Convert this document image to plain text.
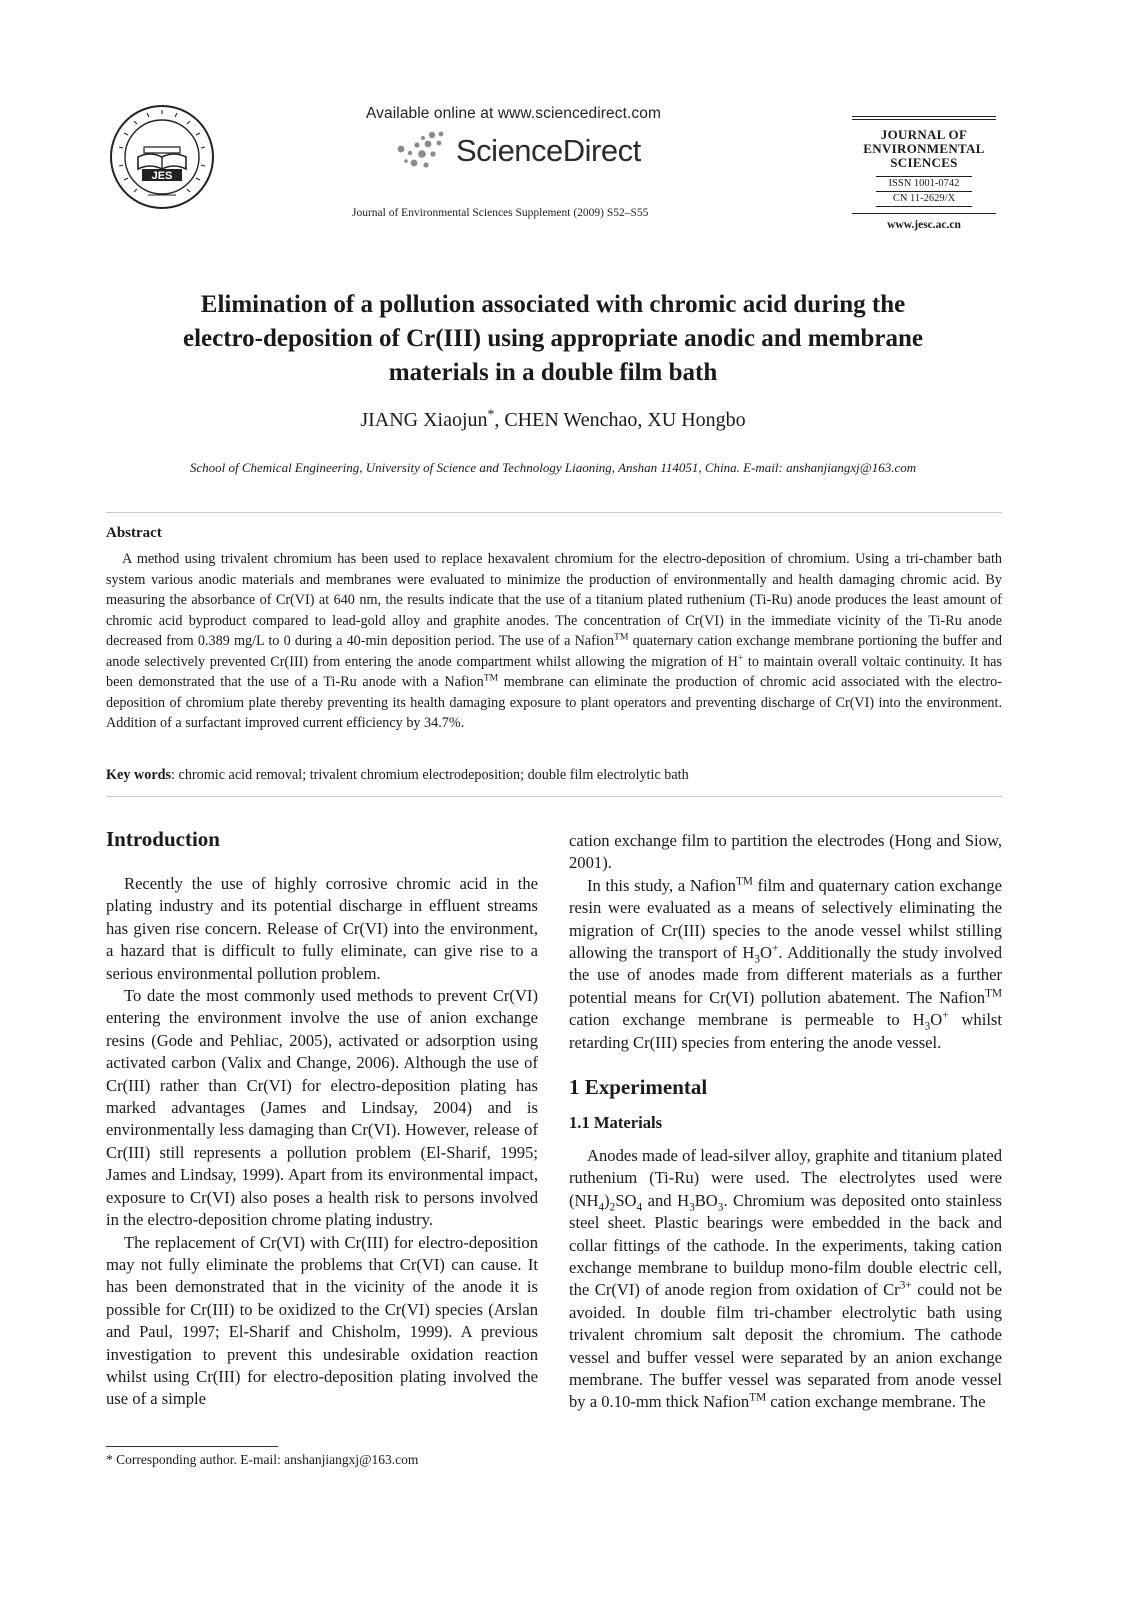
JES
Available online at www.sciencedirect.com
ScienceDirect
Journal of Environmental Sciences Supplement (2009) S52–S55
JOURNAL OF
ENVIRONMENTAL
SCIENCES
ISSN 1001-0742
CN 11-2629/X
www.jesc.ac.cn
Elimination of a pollution associated with chromic acid during the
electro-deposition of Cr(III) using appropriate anodic and membrane
materials in a double film bath
JIANG Xiaojun*, CHEN Wenchao, XU Hongbo
School of Chemical Engineering, University of Science and Technology Liaoning, Anshan 114051, China. E-mail: anshanjiangxj@163.com
Abstract
A method using trivalent chromium has been used to replace hexavalent chromium for the electro-deposition of chromium. Using a tri-chamber bath system various anodic materials and membranes were evaluated to minimize the production of environmentally and health damaging chromic acid. By measuring the absorbance of Cr(VI) at 640 nm, the results indicate that the use of a titanium plated ruthenium (Ti-Ru) anode produces the least amount of chromic acid byproduct compared to lead-gold alloy and graphite anodes. The concentration of Cr(VI) in the immediate vicinity of the Ti-Ru anode decreased from 0.389 mg/L to 0 during a 40-min deposition period. The use of a Nafion™ quaternary cation exchange membrane portioning the buffer and anode selectively prevented Cr(III) from entering the anode compartment whilst allowing the migration of H+ to maintain overall voltaic continuity. It has been demonstrated that the use of a Ti-Ru anode with a Nafion™ membrane can eliminate the production of chromic acid associated with the electro-deposition of chromium plate thereby preventing its health damaging exposure to plant operators and preventing discharge of Cr(VI) into the environment. Addition of a surfactant improved current efficiency by 34.7%.
Key words: chromic acid removal; trivalent chromium electrodeposition; double film electrolytic bath
Introduction

Recently the use of highly corrosive chromic acid in the plating industry and its potential discharge in effluent streams has given rise concern. Release of Cr(VI) into the environment, a hazard that is difficult to fully eliminate, can give rise to a serious environmental pollution problem.

To date the most commonly used methods to prevent Cr(VI) entering the environment involve the use of anion exchange resins (Gode and Pehliac, 2005), activated or adsorption using activated carbon (Valix and Change, 2006). Although the use of Cr(III) rather than Cr(VI) for electro-deposition plating has marked advantages (James and Lindsay, 2004) and is environmentally less damaging than Cr(VI). However, release of Cr(III) still represents a pollution problem (El-Sharif, 1995; James and Lindsay, 1999). Apart from its environmental impact, exposure to Cr(VI) also poses a health risk to persons involved in the electro-deposition chrome plating industry.

The replacement of Cr(VI) with Cr(III) for electro-deposition may not fully eliminate the problems that Cr(VI) can cause. It has been demonstrated that in the vicinity of the anode it is possible for Cr(III) to be oxidized to the Cr(VI) species (Arslan and Paul, 1997; El-Sharif and Chisholm, 1999). A previous investigation to prevent this undesirable oxidation reaction whilst using Cr(III) for electro-deposition plating involved the use of a simple

* Corresponding author. E-mail: anshanjiangxj@163.com

cation exchange film to partition the electrodes (Hong and Siow, 2001).

In this study, a Nafion™ film and quaternary cation exchange resin were evaluated as a means of selectively eliminating the migration of Cr(III) species to the anode vessel whilst stilling allowing the transport of $H_3O^+$. Additionally the study involved the use of anodes made from different materials as a further potential means for Cr(VI) pollution abatement. The Nafion™ cation exchange membrane is permeable to $H_3O^+$ whilst retarding Cr(III) species from entering the anode vessel.

1 Experimental
1.1 Materials

Anodes made of lead-silver alloy, graphite and titanium plated ruthenium (Ti-Ru) were used. The electrolytes used were $(NH_4)_2SO_4$ and $H_3BO_3$. Chromium was deposited onto stainless steel sheet. Plastic bearings were embedded in the back and collar fittings of the cathode. In the experiments, taking cation exchange membrane to buildup mono-film double electric cell, the Cr(VI) of anode region from oxidation of $Cr^{3+}$ could not be avoided. In double film tri-chamber electrolytic bath using trivalent chromium salt deposit the chromium. The cathode vessel and buffer vessel were separated by an anion exchange membrane. The buffer vessel was separated from anode vessel by a 0.10-mm thick Nafion™ cation exchange membrane. The
